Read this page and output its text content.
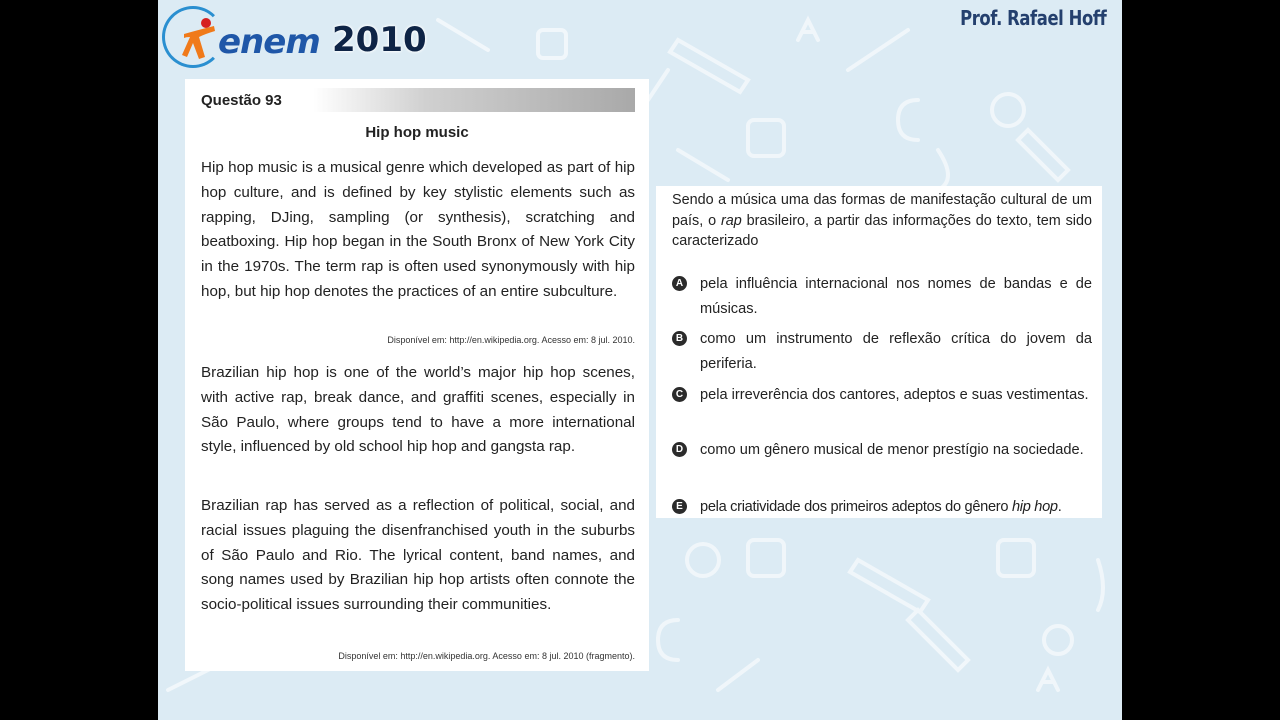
enem 2010
Prof. Rafael Hoff
Questão 93
Hip hop music
Hip hop music is a musical genre which developed as part of hip hop culture, and is defined by key stylistic elements such as rapping, DJing, sampling (or synthesis), scratching and beatboxing. Hip hop began in the South Bronx of New York City in the 1970s. The term rap is often used synonymously with hip hop, but hip hop denotes the practices of an entire subculture.
Disponível em: http://en.wikipedia.org. Acesso em: 8 jul. 2010.
Brazilian hip hop is one of the world’s major hip hop scenes, with active rap, break dance, and graffiti scenes, especially in São Paulo, where groups tend to have a more international style, influenced by old school hip hop and gangsta rap.
Brazilian rap has served as a reflection of political, social, and racial issues plaguing the disenfranchised youth in the suburbs of São Paulo and Rio. The lyrical content, band names, and song names used by Brazilian hip hop artists often connote the socio-political issues surrounding their communities.
Disponível em: http://en.wikipedia.org. Acesso em: 8 jul. 2010 (fragmento).
Sendo a música uma das formas de manifestação cultural de um país, o rap brasileiro, a partir das informações do texto, tem sido caracterizado
A pela influência internacional nos nomes de bandas e de músicas.
B como um instrumento de reflexão crítica do jovem da periferia.
C pela irreverência dos cantores, adeptos e suas vestimentas.
D como um gênero musical de menor prestígio na sociedade.
E pela criatividade dos primeiros adeptos do gênero hip hop.
